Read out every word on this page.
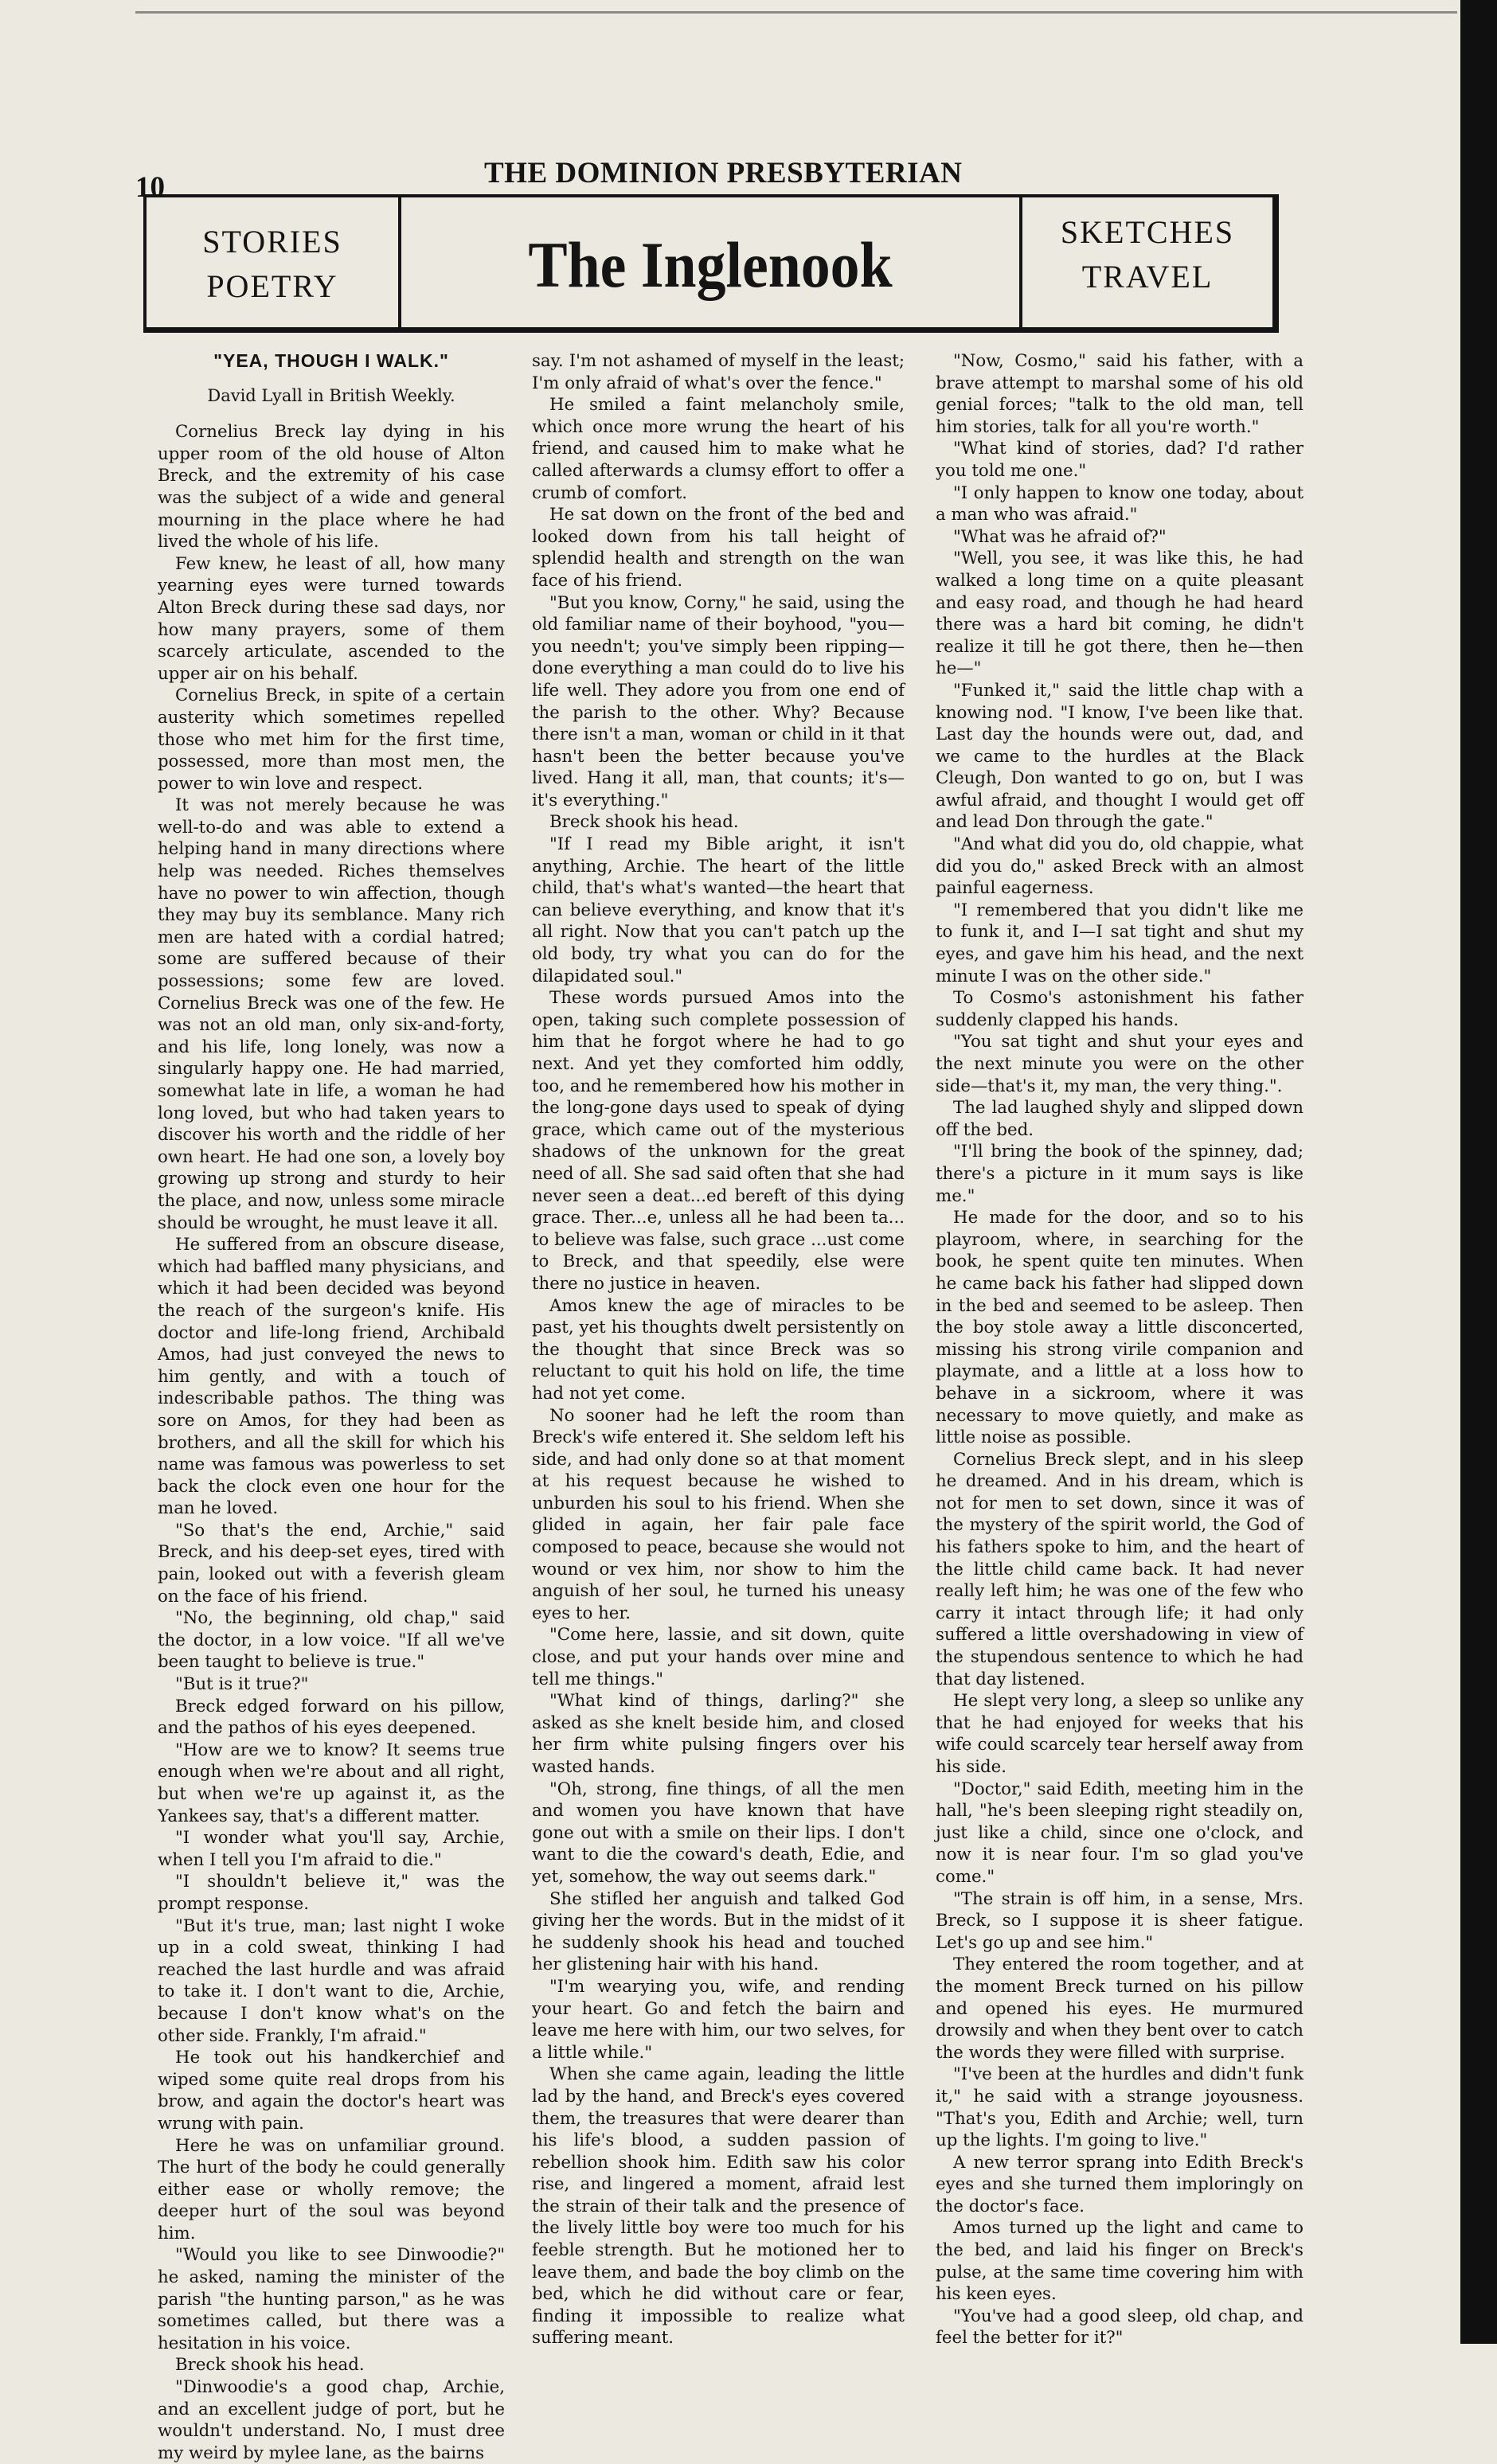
10	THE DOMINION PRESBYTERIAN
STORIES
POETRY	The Inglenook	SKETCHES
TRAVEL
"YEA, THOUGH I WALK."
David Lyall in British Weekly.

Cornelius Breck lay dying in his upper room of the old house of Alton Breck, and the extremity of his case was the subject of a wide and general mourning in the place where he had lived the whole of his life.

Few knew, he least of all, how many yearning eyes were turned towards Alton Breck during these sad days, nor how many prayers, some of them scarcely articulate, ascended to the upper air on his behalf.

Cornelius Breck, in spite of a certain austerity which sometimes repelled those who met him for the first time, possessed, more than most men, the power to win love and respect.

It was not merely because he was well-to-do and was able to extend a helping hand in many directions where help was needed. Riches themselves have no power to win affection, though they may buy its semblance. Many rich men are hated with a cordial hatred; some are suffered because of their possessions; some few are loved. Cornelius Breck was one of the few. He was not an old man, only six-and-forty, and his life, long lonely, was now a singularly happy one. He had married, somewhat late in life, a woman he had long loved, but who had taken years to discover his worth and the riddle of her own heart. He had one son, a lovely boy growing up strong and sturdy to heir the place, and now, unless some miracle should be wrought, he must leave it all.

He suffered from an obscure disease, which had baffled many physicians, and which it had been decided was beyond the reach of the surgeon's knife. His doctor and life-long friend, Archibald Amos, had just conveyed the news to him gently, and with a touch of indescribable pathos. The thing was sore on Amos, for they had been as brothers, and all the skill for which his name was famous was powerless to set back the clock even one hour for the man he loved.

"So that's the end, Archie," said Breck, and his deep-set eyes, tired with pain, looked out with a feverish gleam on the face of his friend.

"No, the beginning, old chap," said the doctor, in a low voice. "If all we've been taught to believe is true."

"But is it true?"

Breck edged forward on his pillow, and the pathos of his eyes deepened.

"How are we to know? It seems true enough when we're about and all right, but when we're up against it, as the Yankees say, that's a different matter.

"I wonder what you'll say, Archie, when I tell you I'm afraid to die."

"I shouldn't believe it," was the prompt response.

"But it's true, man; last night I woke up in a cold sweat, thinking I had reached the last hurdle and was afraid to take it. I don't want to die, Archie, because I don't know what's on the other side. Frankly, I'm afraid."

He took out his handkerchief and wiped some quite real drops from his brow, and again the doctor's heart was wrung with pain.

Here he was on unfamiliar ground. The hurt of the body he could generally either ease or wholly remove; the deeper hurt of the soul was beyond him.

"Would you like to see Dinwoodie?" he asked, naming the minister of the parish "the hunting parson," as he was sometimes called, but there was a hesitation in his voice.

Breck shook his head.

"Dinwoodie's a good chap, Archie, and an excellent judge of port, but he wouldn't understand. No, I must dree my weird by mylee lane, as the bairns

say. I'm not ashamed of myself in the least; I'm only afraid of what's over the fence."

He smiled a faint melancholy smile, which once more wrung the heart of his friend, and caused him to make what he called afterwards a clumsy effort to offer a crumb of comfort.

He sat down on the front of the bed and looked down from his tall height of splendid health and strength on the wan face of his friend.

"But you know, Corny," he said, using the old familiar name of their boyhood, "you—you needn't; you've simply been ripping—done everything a man could do to live his life well. They adore you from one end of the parish to the other. Why? Because there isn't a man, woman or child in it that hasn't been the better because you've lived. Hang it all, man, that counts; it's—it's everything."

Breck shook his head.

"If I read my Bible aright, it isn't anything, Archie. The heart of the little child, that's what's wanted—the heart that can believe everything, and know that it's all right. Now that you can't patch up the old body, try what you can do for the dilapidated soul."

These words pursued Amos into the open, taking such complete possession of him that he forgot where he had to go next. And yet they comforted him oddly, too, and he remembered how his mother in the long-gone days used to speak of dying grace, which came out of the mysterious shadows of the unknown for the great need of all. She sad said often that she had never seen a deat...ed bereft of this dying grace. Ther...e, unless all he had been ta... to believe was false, such grace ...ust come to Breck, and that speedily, else were there no justice in heaven.

Amos knew the age of miracles to be past, yet his thoughts dwelt persistently on the thought that since Breck was so reluctant to quit his hold on life, the time had not yet come.

No sooner had he left the room than Breck's wife entered it. She seldom left his side, and had only done so at that moment at his request because he wished to unburden his soul to his friend. When she glided in again, her fair pale face composed to peace, because she would not wound or vex him, nor show to him the anguish of her soul, he turned his uneasy eyes to her.

"Come here, lassie, and sit down, quite close, and put your hands over mine and tell me things."

"What kind of things, darling?" she asked as she knelt beside him, and closed her firm white pulsing fingers over his wasted hands.

"Oh, strong, fine things, of all the men and women you have known that have gone out with a smile on their lips. I don't want to die the coward's death, Edie, and yet, somehow, the way out seems dark."

She stifled her anguish and talked God giving her the words. But in the midst of it he suddenly shook his head and touched her glistening hair with his hand.

"I'm wearying you, wife, and rending your heart. Go and fetch the bairn and leave me here with him, our two selves, for a little while."

When she came again, leading the little lad by the hand, and Breck's eyes covered them, the treasures that were dearer than his life's blood, a sudden passion of rebellion shook him. Edith saw his color rise, and lingered a moment, afraid lest the strain of their talk and the presence of the lively little boy were too much for his feeble strength. But he motioned her to leave them, and bade the boy climb on the bed, which he did without care or fear, finding it impossible to realize what suffering meant.

"Now, Cosmo," said his father, with a brave attempt to marshal some of his old genial forces; "talk to the old man, tell him stories, talk for all you're worth."

"What kind of stories, dad? I'd rather you told me one."

"I only happen to know one today, about a man who was afraid."

"What was he afraid of?"

"Well, you see, it was like this, he had walked a long time on a quite pleasant and easy road, and though he had heard there was a hard bit coming, he didn't realize it till he got there, then he—then he—"

"Funked it," said the little chap with a knowing nod. "I know, I've been like that. Last day the hounds were out, dad, and we came to the hurdles at the Black Cleugh, Don wanted to go on, but I was awful afraid, and thought I would get off and lead Don through the gate."

"And what did you do, old chappie, what did you do," asked Breck with an almost painful eagerness.

"I remembered that you didn't like me to funk it, and I—I sat tight and shut my eyes, and gave him his head, and the next minute I was on the other side."

To Cosmo's astonishment his father suddenly clapped his hands.

"You sat tight and shut your eyes and the next minute you were on the other side—that's it, my man, the very thing.".

The lad laughed shyly and slipped down off the bed.

"I'll bring the book of the spinney, dad; there's a picture in it mum says is like me."

He made for the door, and so to his playroom, where, in searching for the book, he spent quite ten minutes. When he came back his father had slipped down in the bed and seemed to be asleep. Then the boy stole away a little disconcerted, missing his strong virile companion and playmate, and a little at a loss how to behave in a sickroom, where it was necessary to move quietly, and make as little noise as possible.

Cornelius Breck slept, and in his sleep he dreamed. And in his dream, which is not for men to set down, since it was of the mystery of the spirit world, the God of his fathers spoke to him, and the heart of the little child came back. It had never really left him; he was one of the few who carry it intact through life; it had only suffered a little overshadowing in view of the stupendous sentence to which he had that day listened.

He slept very long, a sleep so unlike any that he had enjoyed for weeks that his wife could scarcely tear herself away from his side.

"Doctor," said Edith, meeting him in the hall, "he's been sleeping right steadily on, just like a child, since one o'clock, and now it is near four. I'm so glad you've come."

"The strain is off him, in a sense, Mrs. Breck, so I suppose it is sheer fatigue. Let's go up and see him."

They entered the room together, and at the moment Breck turned on his pillow and opened his eyes. He murmured drowsily and when they bent over to catch the words they were filled with surprise.

"I've been at the hurdles and didn't funk it," he said with a strange joyousness. "That's you, Edith and Archie; well, turn up the lights. I'm going to live."

A new terror sprang into Edith Breck's eyes and she turned them imploringly on the doctor's face.

Amos turned up the light and came to the bed, and laid his finger on Breck's pulse, at the same time covering him with his keen eyes.

"You've had a good sleep, old chap, and feel the better for it?"
